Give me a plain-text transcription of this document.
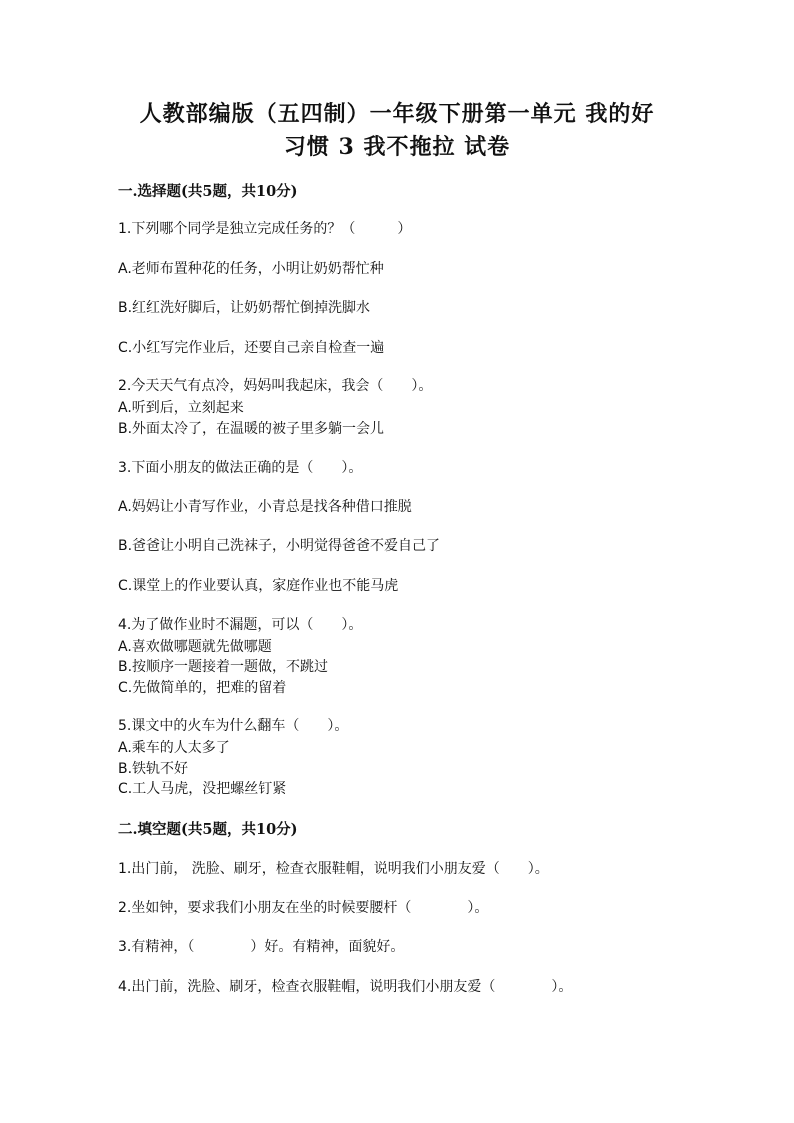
人教部编版（五四制）一年级下册第一单元 我的好
习惯 3 我不拖拉 试卷
一.选择题(共5题，共10分)
1.下列哪个同学是独立完成任务的？（　　　）
A.老师布置种花的任务，小明让奶奶帮忙种
B.红红洗好脚后，让奶奶帮忙倒掉洗脚水
C.小红写完作业后，还要自己亲自检查一遍
2.今天天气有点冷，妈妈叫我起床，我会（　　）。
A.听到后，立刻起来
B.外面太冷了，在温暖的被子里多躺一会儿
3.下面小朋友的做法正确的是（　　）。
A.妈妈让小青写作业，小青总是找各种借口推脱
B.爸爸让小明自己洗袜子，小明觉得爸爸不爱自己了
C.课堂上的作业要认真，家庭作业也不能马虎
4.为了做作业时不漏题，可以（　　）。
A.喜欢做哪题就先做哪题
B.按顺序一题接着一题做，不跳过
C.先做简单的，把难的留着
5.课文中的火车为什么翻车（　　）。
A.乘车的人太多了
B.铁轨不好
C.工人马虎，没把螺丝钉紧
二.填空题(共5题，共10分)
1.出门前， 洗脸、刷牙，检查衣服鞋帽，说明我们小朋友爱（　　）。
2.坐如钟，要求我们小朋友在坐的时候要腰杆（　　　　）。
3.有精神，（　　　　）好。有精神，面貌好。
4.出门前，洗脸、刷牙，检查衣服鞋帽，说明我们小朋友爱（　　　　）。
